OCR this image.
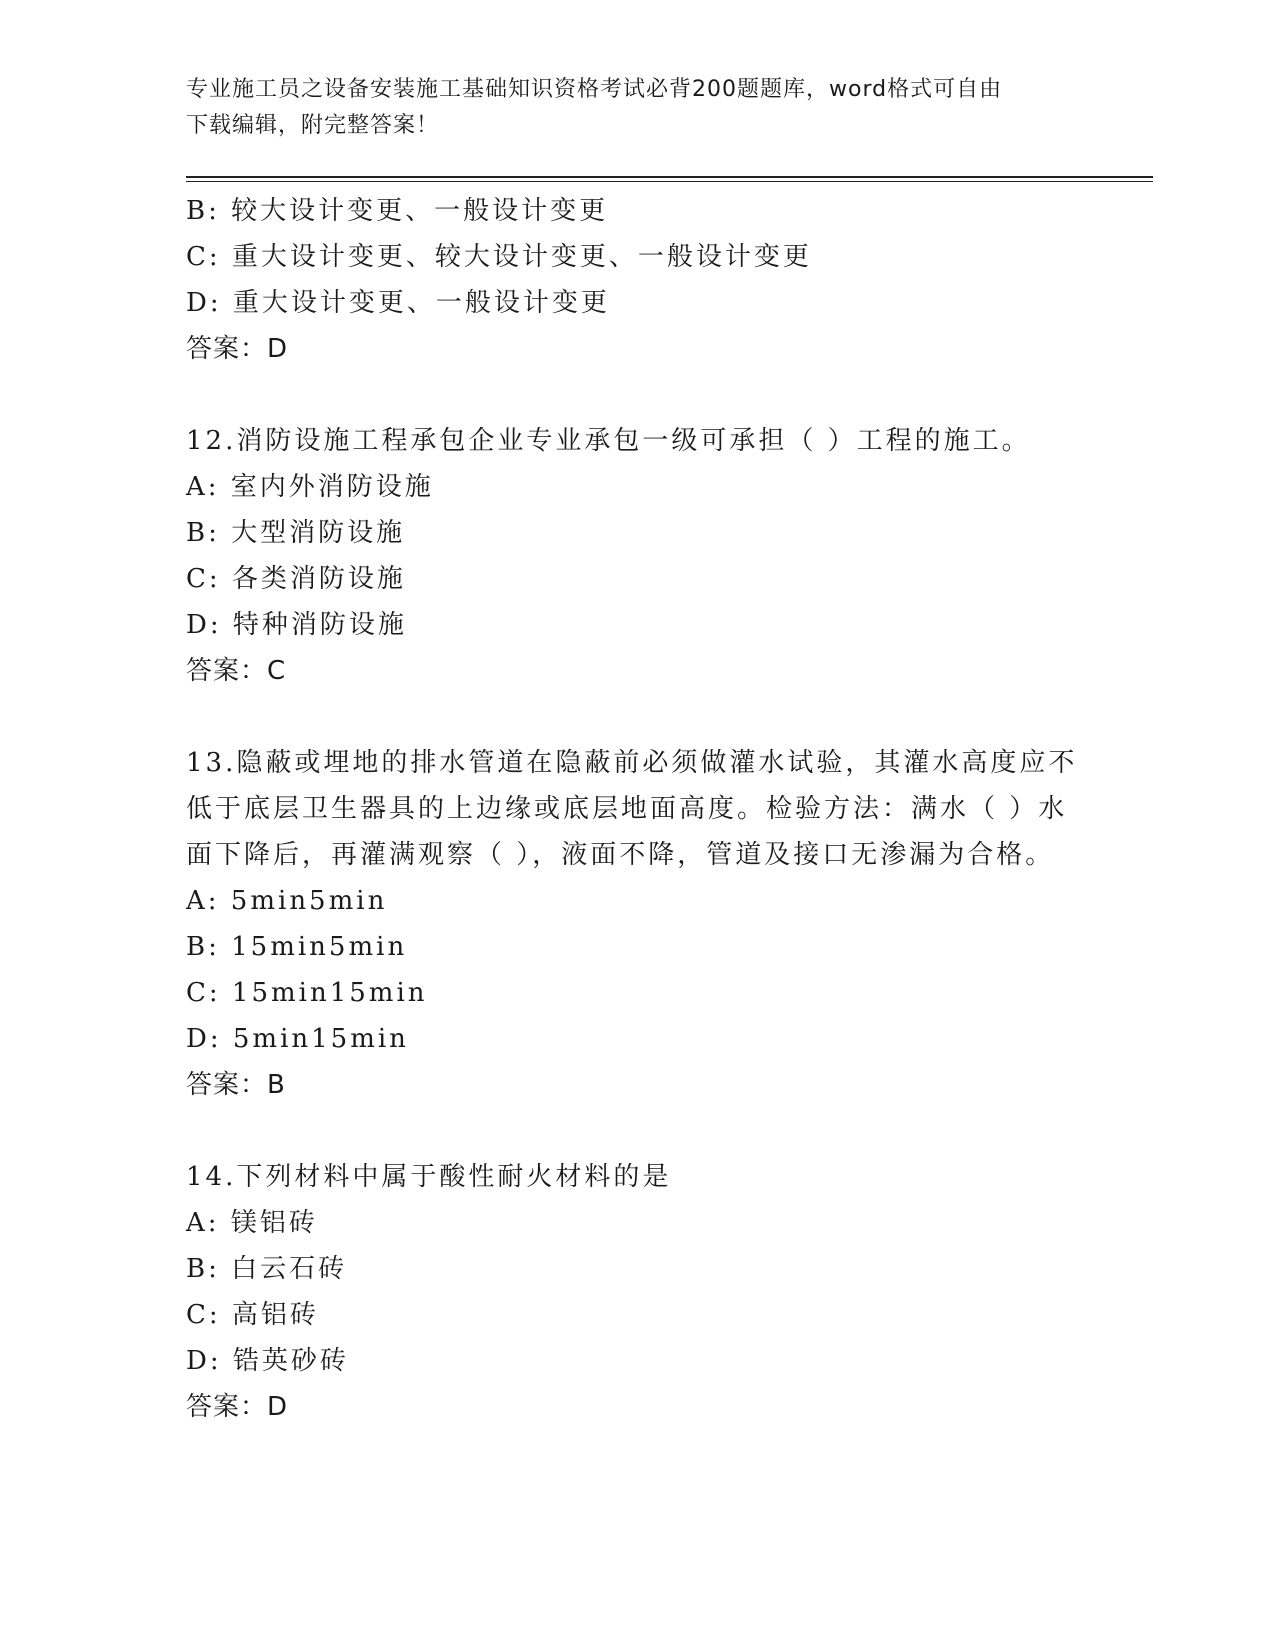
专业施工员之设备安装施工基础知识资格考试必背200题题库，word格式可自由
下载编辑，附完整答案！
B: 较大设计变更、一般设计变更
C: 重大设计变更、较大设计变更、一般设计变更
D: 重大设计变更、一般设计变更
答案：D
12.消防设施工程承包企业专业承包一级可承担（ ）工程的施工。
A: 室内外消防设施
B: 大型消防设施
C: 各类消防设施
D: 特种消防设施
答案：C
13.隐蔽或埋地的排水管道在隐蔽前必须做灌水试验，其灌水高度应不
低于底层卫生器具的上边缘或底层地面高度。检验方法：满水（ ）水
面下降后，再灌满观察（ ），液面不降，管道及接口无渗漏为合格。
A: 5min5min
B: 15min5min
C: 15min15min
D: 5min15min
答案：B
14.下列材料中属于酸性耐火材料的是
A: 镁铝砖
B: 白云石砖
C: 高铝砖
D: 锆英砂砖
答案：D
